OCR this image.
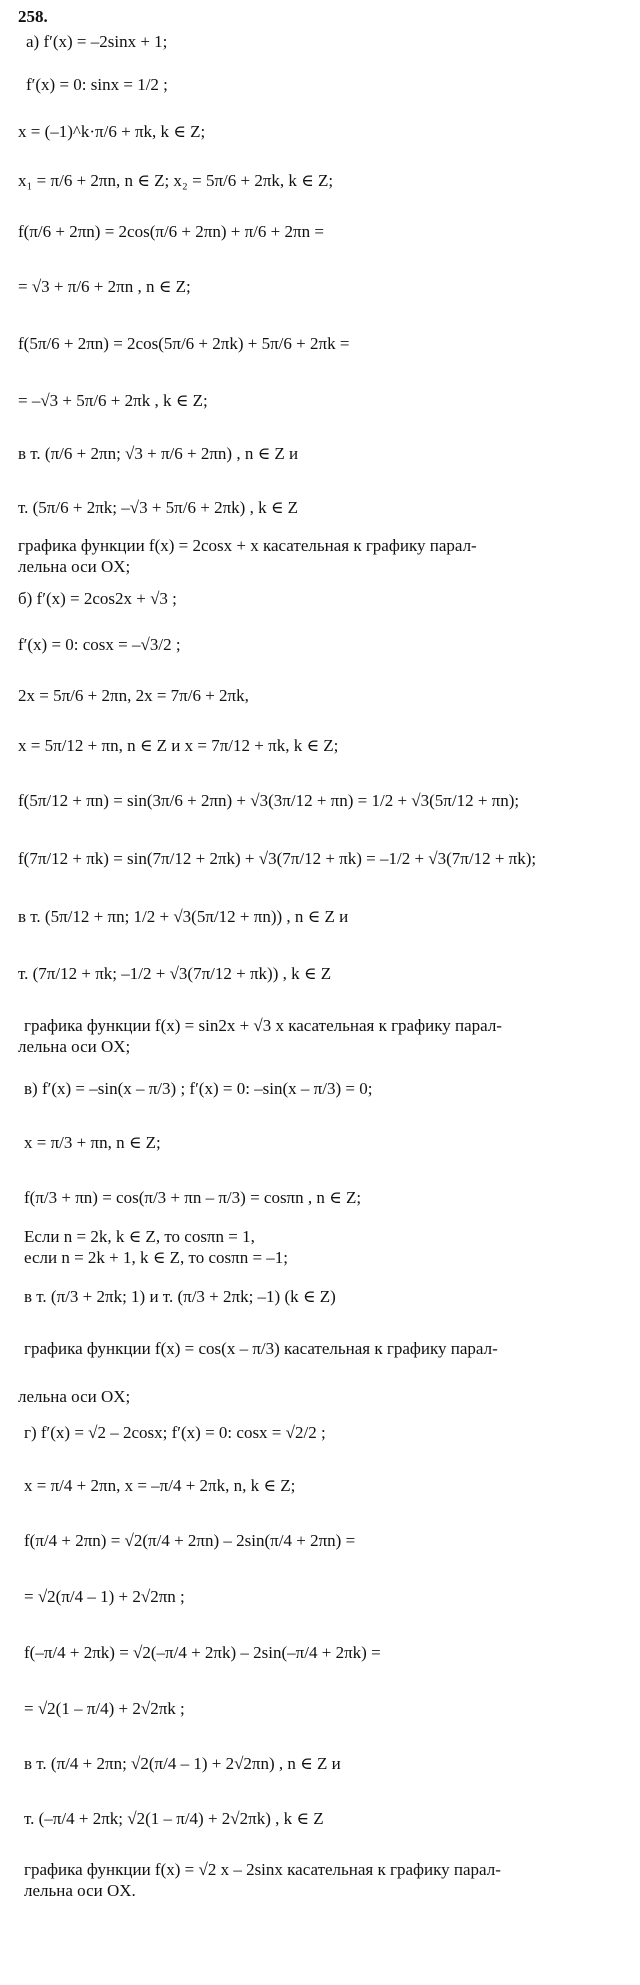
258.
а) f′(x) = –2sinx + 1;
f′(x) = 0: sinx = 1/2 ;
x = (–1)^k·π/6 + πk, k ∈ Z;
x₁ = π/6 + 2πn, n ∈ Z; x₂ = 5π/6 + 2πk, k ∈ Z;
f(π/6 + 2πn) = 2cos(π/6 + 2πn) + π/6 + 2πn =
= √3 + π/6 + 2πn , n ∈ Z;
f(5π/6 + 2πn) = 2cos(5π/6 + 2πk) + 5π/6 + 2πk =
= –√3 + 5π/6 + 2πk , k ∈ Z;
в т. (π/6 + 2πn; √3 + π/6 + 2πn) , n ∈ Z и
т. (5π/6 + 2πk; –√3 + 5π/6 + 2πk) , k ∈ Z
графика функции f(x) = 2cosx + x касательная к графику парал-
лельна оси OX;
б) f′(x) = 2cos2x + √3 ;
f′(x) = 0: cosx = –√3/2 ;
2x = 5π/6 + 2πn, 2x = 7π/6 + 2πk,
x = 5π/12 + πn, n ∈ Z и x = 7π/12 + πk, k ∈ Z;
f(5π/12 + πn) = sin(3π/6 + 2πn) + √3(3π/12 + πn) = 1/2 + √3(5π/12 + πn);
f(7π/12 + πk) = sin(7π/12 + 2πk) + √3(7π/12 + πk) = –1/2 + √3(7π/12 + πk);
в т. (5π/12 + πn; 1/2 + √3(5π/12 + πn)) , n ∈ Z и
т. (7π/12 + πk; –1/2 + √3(7π/12 + πk)) , k ∈ Z
графика функции f(x) = sin2x + √3 x касательная к графику парал-
лельна оси OX;
в) f′(x) = –sin(x – π/3) ; f′(x) = 0: –sin(x – π/3) = 0;
x = π/3 + πn, n ∈ Z;
f(π/3 + πn) = cos(π/3 + πn – π/3) = cosπn , n ∈ Z;
Если n = 2k, k ∈ Z, то cosπn = 1,
если n = 2k + 1, k ∈ Z, то cosπn = –1;
в т. (π/3 + 2πk; 1) и т. (π/3 + 2πk; –1) (k ∈ Z)
графика функции f(x) = cos(x – π/3) касательная к графику парал-
лельна оси OX;
г) f′(x) = √2 – 2cosx; f′(x) = 0: cosx = √2/2 ;
x = π/4 + 2πn, x = –π/4 + 2πk, n, k ∈ Z;
f(π/4 + 2πn) = √2(π/4 + 2πn) – 2sin(π/4 + 2πn) =
= √2(π/4 – 1) + 2√2πn ;
f(–π/4 + 2πk) = √2(–π/4 + 2πk) – 2sin(–π/4 + 2πk) =
= √2(1 – π/4) + 2√2πk ;
в т. (π/4 + 2πn; √2(π/4 – 1) + 2√2πn) , n ∈ Z и
т. (–π/4 + 2πk; √2(1 – π/4) + 2√2πk) , k ∈ Z
графика функции f(x) = √2 x – 2sinx касательная к графику парал-
лельна оси OX.
